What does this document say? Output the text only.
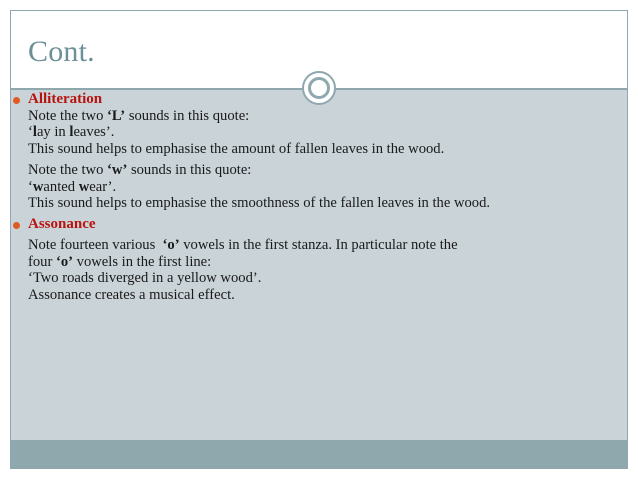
Cont.
Alliteration
Note the two ‘L’ sounds in this quote:
‘lay in leaves’.
This sound helps to emphasise the amount of fallen leaves in the wood.
Note the two ‘w’ sounds in this quote:
‘wanted wear’.
This sound helps to emphasise the smoothness of the fallen leaves in the wood.
Assonance
Note fourteen various  ‘o’ vowels in the first stanza. In particular note the
four ‘o’ vowels in the first line:
‘Two roads diverged in a yellow wood’.
Assonance creates a musical effect.
